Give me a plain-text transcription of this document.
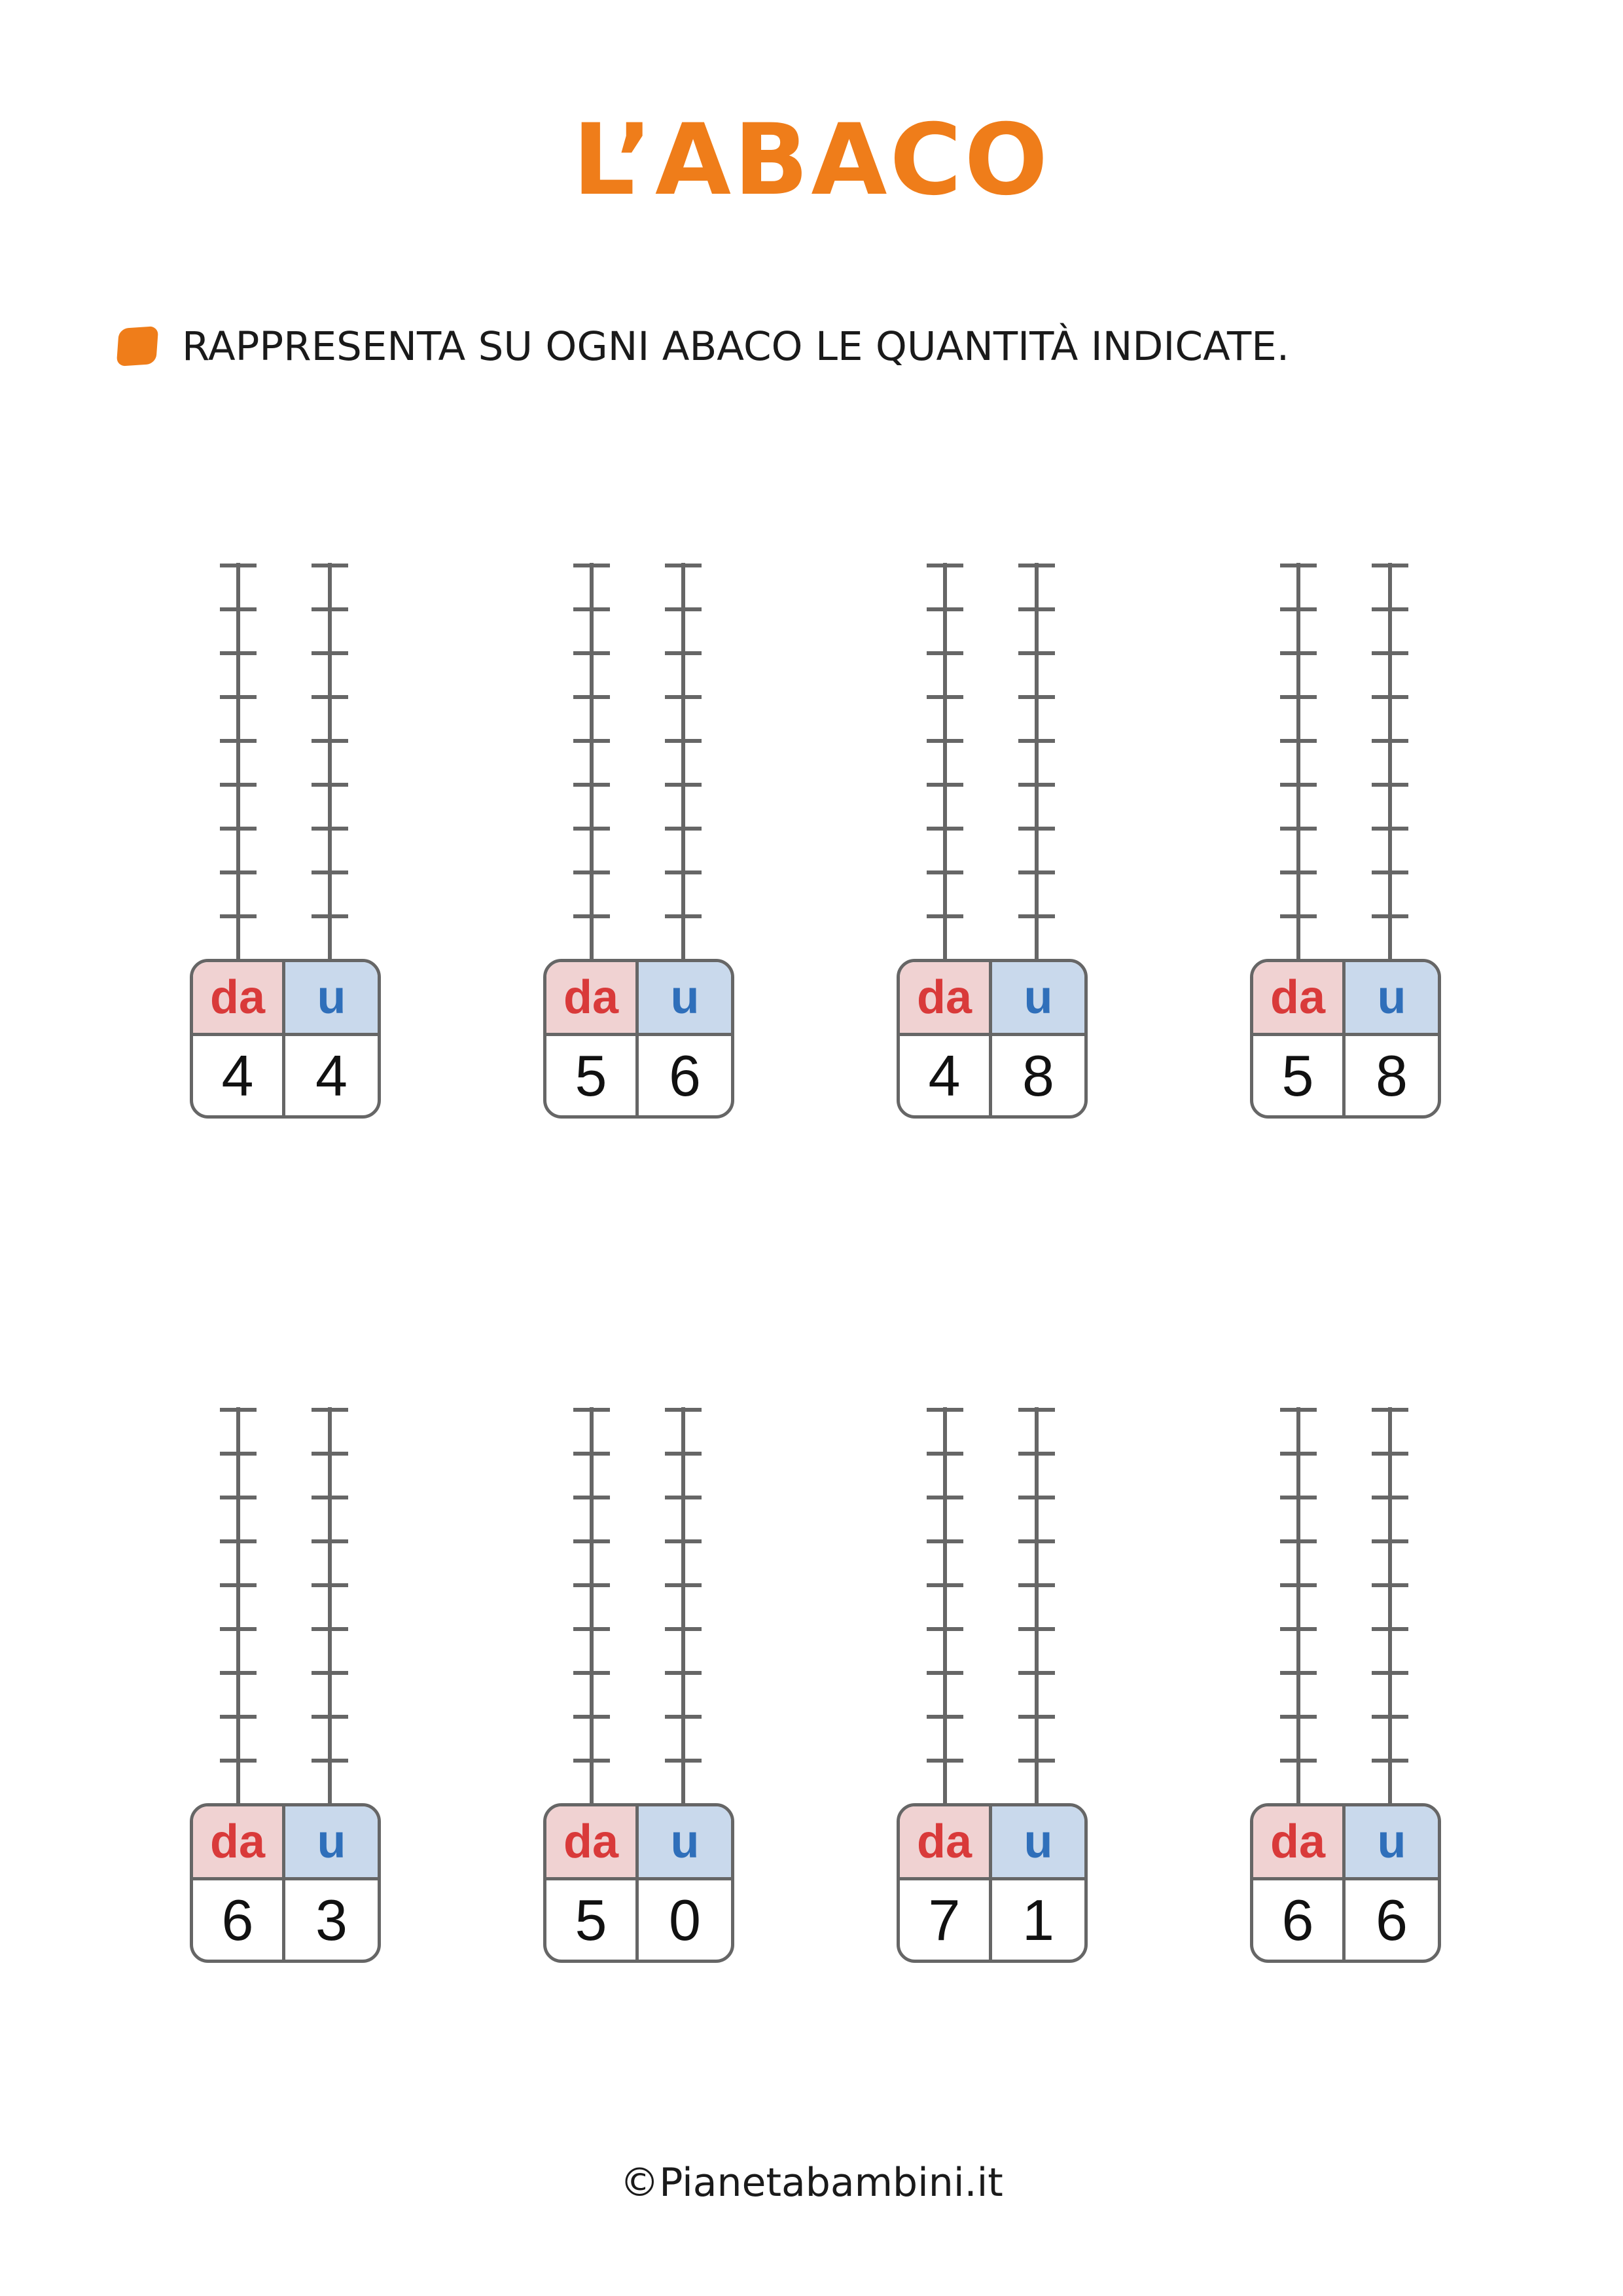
L’ABACO
RAPPRESENTA SU OGNI ABACO LE QUANTITÀ INDICATE.
da	u
4	4
da	u
5	6
da	u
4	8
da	u
5	8
da	u
6	3
da	u
5	0
da	u
7	1
da	u
6	6
©Pianetabambini.it
